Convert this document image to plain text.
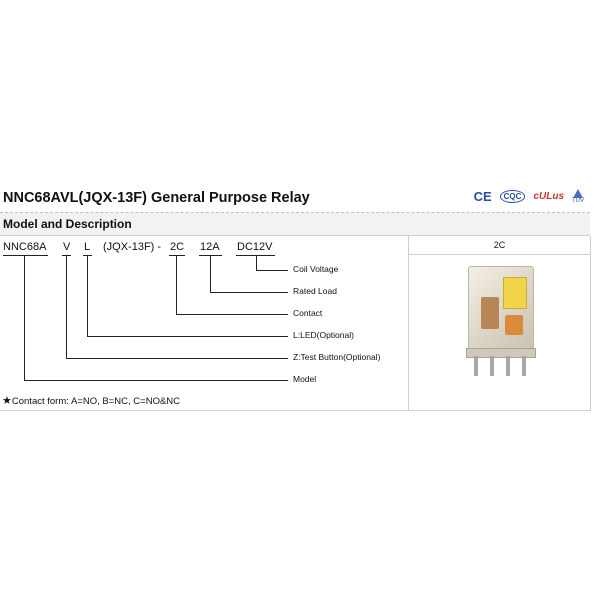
NNC68AVL(JQX-13F) General Purpose Relay	CE	CQC	cULus TÜV
Model and Description
NNC68A V L (JQX-13F) - 2C 12A DC12V
Coil Voltage
Rated Load
Contact
L:LED(Optional)
Z:Test Button(Optional)
Model
★Contact form: A=NO, B=NC, C=NO&NC
2C
